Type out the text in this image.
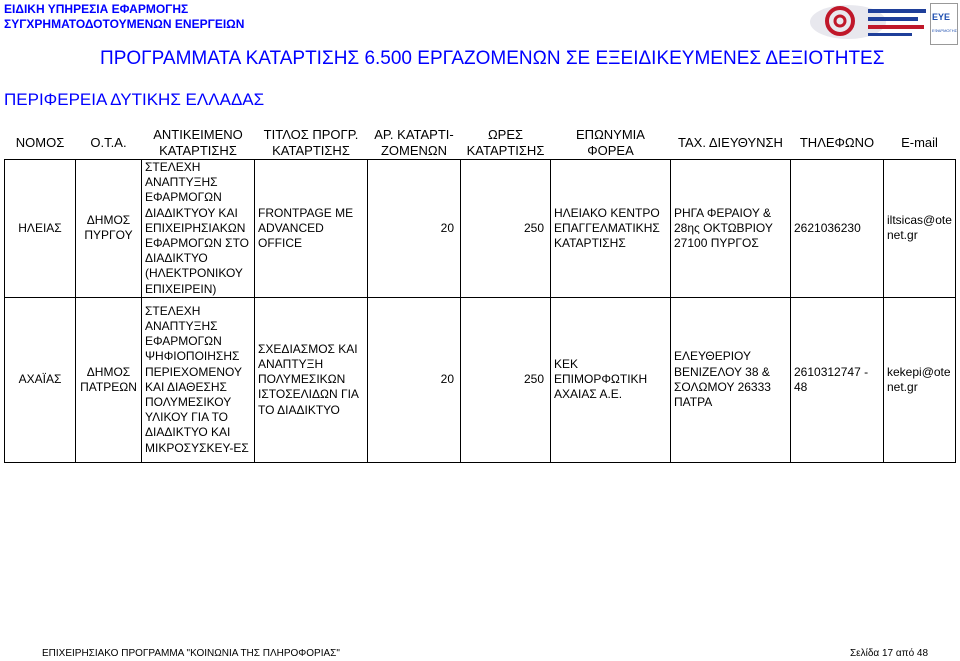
ΕΙΔΙΚΗ ΥΠΗΡΕΣΙΑ ΕΦΑΡΜΟΓΗΣ
ΣΥΓΧΡΗΜΑΤΟΔΟΤΟΥΜΕΝΩΝ ΕΝΕΡΓΕΙΩΝ	ΕΥΕ
ΕΦΑΡΜΟΓΗΣ
ΠΡΟΓΡΑΜΜΑΤΑ ΚΑΤΑΡΤΙΣΗΣ 6.500 ΕΡΓΑΖΟΜΕΝΩΝ ΣΕ ΕΞΕΙΔΙΚΕΥΜΕΝΕΣ ΔΕΞΙΟΤΗΤΕΣ
ΠΕΡΙΦΕΡΕΙΑ ΔΥΤΙΚΗΣ ΕΛΛΑΔΑΣ
ΝΟΜΟΣ	Ο.Τ.Α.	ΑΝΤΙΚΕΙΜΕΝΟ ΚΑΤΑΡΤΙΣΗΣ	ΤΙΤΛΟΣ ΠΡΟΓΡ. ΚΑΤΑΡΤΙΣΗΣ	ΑΡ. ΚΑΤΑΡΤΙ- ΖΟΜΕΝΩΝ	ΩΡΕΣ ΚΑΤΑΡΤΙΣΗΣ	ΕΠΩΝΥΜΙΑ ΦΟΡΕΑ	ΤΑΧ. ΔΙΕΥΘΥΝΣΗ	ΤΗΛΕΦΩΝΟ	E-mail
ΗΛΕΙΑΣ	ΔΗΜΟΣ ΠΥΡΓΟΥ	ΣΤΕΛΕΧΗ ΑΝΑΠΤΥΞΗΣ ΕΦΑΡΜΟΓΩΝ ΔΙΑΔΙΚΤΥΟΥ ΚΑΙ ΕΠΙΧΕΙΡΗΣΙΑΚΩΝ ΕΦΑΡΜΟΓΩΝ ΣΤΟ ΔΙΑΔΙΚΤΥΟ (ΗΛΕΚΤΡΟΝΙΚΟΥ ΕΠΙΧΕΙΡΕΙΝ)	FRONTPAGE ΜΕ ADVANCED OFFICE	20	250	ΗΛΕΙΑΚΟ ΚΕΝΤΡΟ ΕΠΑΓΓΕΛΜΑΤΙΚΗΣ ΚΑΤΑΡΤΙΣΗΣ	ΡΗΓΑ ΦΕΡΑΙΟΥ & 28ης ΟΚΤΩΒΡΙΟΥ 27100 ΠΥΡΓΟΣ	2621036230	iltsicas@otenet.gr
ΑΧΑΪΑΣ	ΔΗΜΟΣ ΠΑΤΡΕΩΝ	ΣΤΕΛΕΧΗ ΑΝΑΠΤΥΞΗΣ ΕΦΑΡΜΟΓΩΝ ΨΗΦΙΟΠΟΙΗΣΗΣ ΠΕΡΙΕΧΟΜΕΝΟΥ ΚΑΙ ΔΙΑΘΕΣΗΣ ΠΟΛΥΜΕΣΙΚΟΥ ΥΛΙΚΟΥ ΓΙΑ ΤΟ ΔΙΑΔΙΚΤΥΟ ΚΑΙ ΜΙΚΡΟΣΥΣΚΕΥ-ΕΣ	ΣΧΕΔΙΑΣΜΟΣ ΚΑΙ ΑΝΑΠΤΥΞΗ ΠΟΛΥΜΕΣΙΚΩΝ ΙΣΤΟΣΕΛΙΔΩΝ ΓΙΑ ΤΟ ΔΙΑΔΙΚΤΥΟ	20	250	ΚΕΚ ΕΠΙΜΟΡΦΩΤΙΚΗ ΑΧΑΙΑΣ Α.Ε.	ΕΛΕΥΘΕΡΙΟΥ ΒΕΝΙΖΕΛΟΥ 38 & ΣΟΛΩΜΟΥ 26333 ΠΑΤΡΑ	2610312747 - 48	kekepi@otenet.gr
ΕΠΙΧΕΙΡΗΣΙΑΚΟ ΠΡΟΓΡΑΜΜΑ "ΚΟΙΝΩΝΙΑ ΤΗΣ ΠΛΗΡΟΦΟΡΙΑΣ"	Σελίδα 17 από 48
